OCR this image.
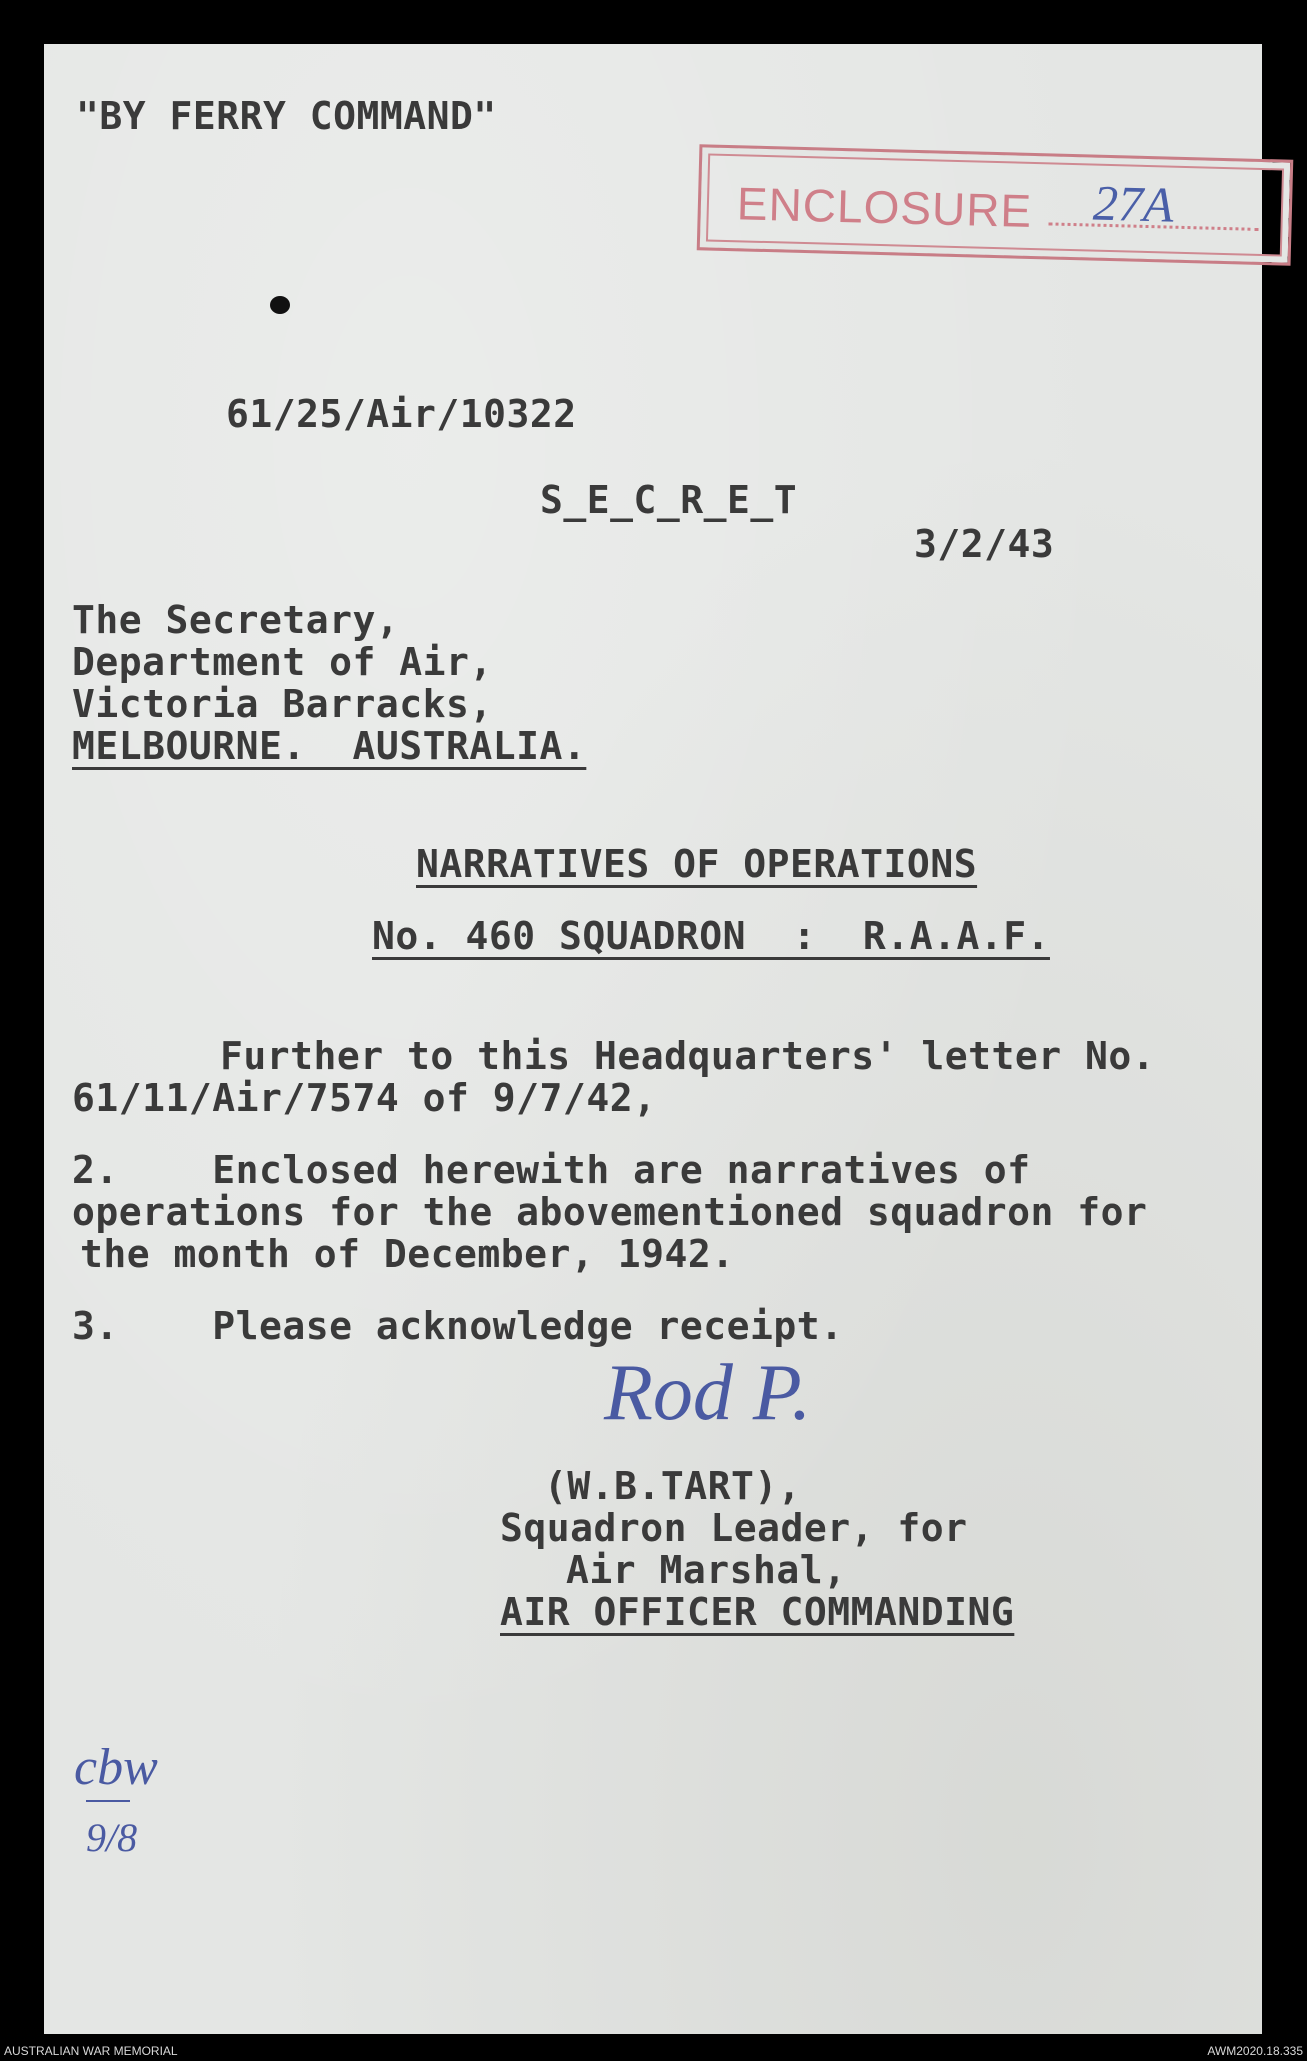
"BY FERRY COMMAND"
ENCLOSURE 27A
61/25/Air/10322
S_E_C_R_E_T
3/2/43
The Secretary,
Department of Air,
Victoria Barracks,
MELBOURNE.  AUSTRALIA.
NARRATIVES OF OPERATIONS
No. 460 SQUADRON  :  R.A.A.F.
Further to this Headquarters' letter No.
61/11/Air/7574 of 9/7/42,
2.    Enclosed herewith are narratives of
operations for the abovementioned squadron for
the month of December, 1942.
3.    Please acknowledge receipt.
Rod P.
(W.B.TART),
Squadron Leader, for
Air Marshal,
AIR OFFICER COMMANDING
cbw
9/8
AUSTRALIAN WAR MEMORIAL	AWM2020.18.335
